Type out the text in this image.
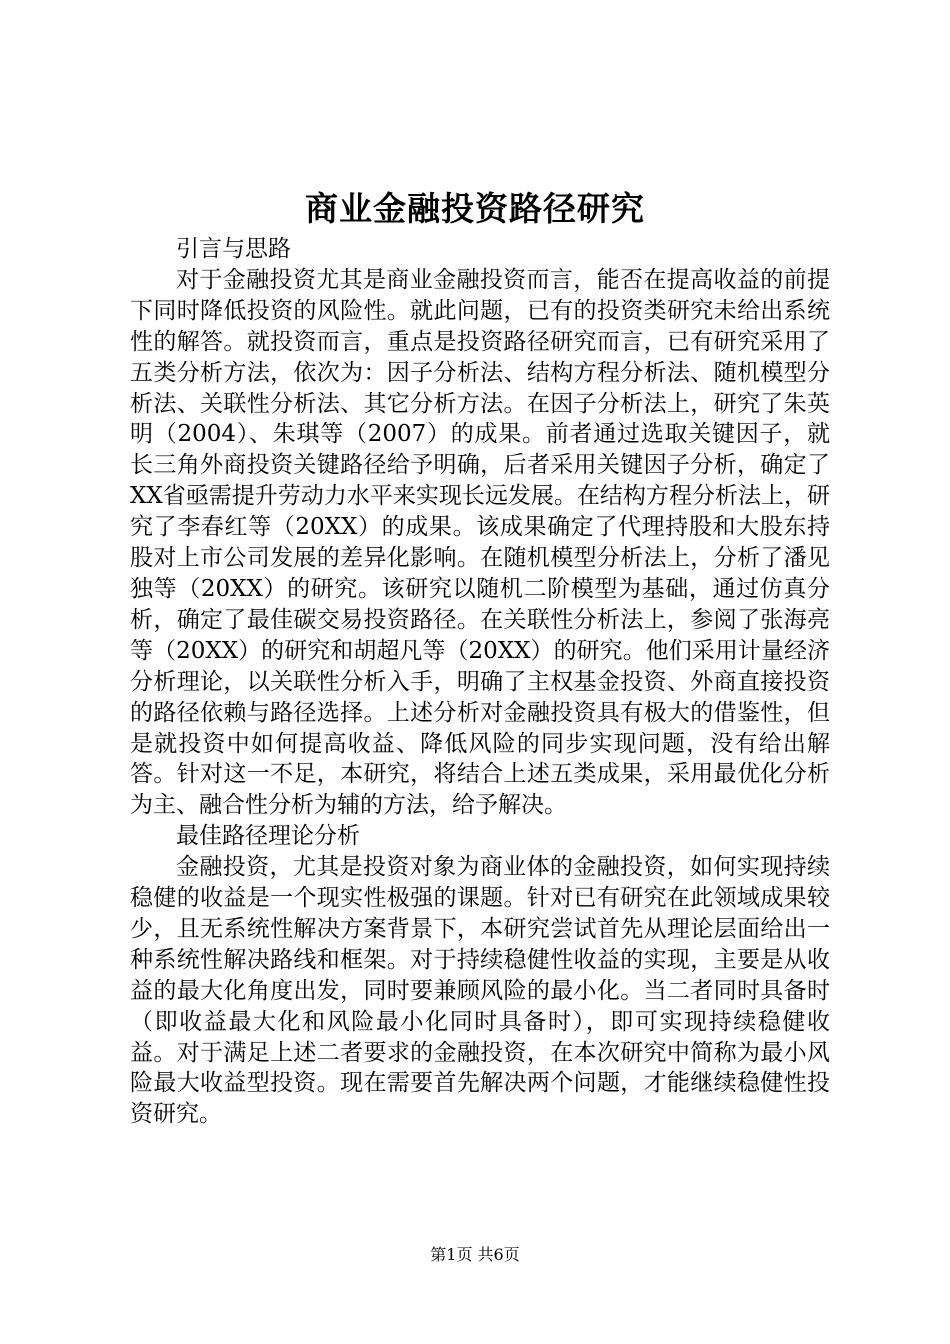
商业金融投资路径研究

引言与思路

对于金融投资尤其是商业金融投资而言，能否在提高收益的前提下同时降低投资的风险性。就此问题，已有的投资类研究未给出系统性的解答。就投资而言，重点是投资路径研究而言，已有研究采用了五类分析方法，依次为：因子分析法、结构方程分析法、随机模型分析法、关联性分析法、其它分析方法。在因子分析法上，研究了朱英明（2004）、朱琪等（2007）的成果。前者通过选取关键因子，就长三角外商投资关键路径给予明确，后者采用关键因子分析，确定了XX省亟需提升劳动力水平来实现长远发展。在结构方程分析法上，研究了李春红等（20XX）的成果。该成果确定了代理持股和大股东持股对上市公司发展的差异化影响。在随机模型分析法上，分析了潘见独等（20XX）的研究。该研究以随机二阶模型为基础，通过仿真分析，确定了最佳碳交易投资路径。在关联性分析法上，参阅了张海亮等（20XX）的研究和胡超凡等（20XX）的研究。他们采用计量经济分析理论，以关联性分析入手，明确了主权基金投资、外商直接投资的路径依赖与路径选择。上述分析对金融投资具有极大的借鉴性，但是就投资中如何提高收益、降低风险的同步实现问题，没有给出解答。针对这一不足，本研究，将结合上述五类成果，采用最优化分析为主、融合性分析为辅的方法，给予解决。

最佳路径理论分析

金融投资，尤其是投资对象为商业体的金融投资，如何实现持续稳健的收益是一个现实性极强的课题。针对已有研究在此领域成果较少，且无系统性解决方案背景下，本研究尝试首先从理论层面给出一种系统性解决路线和框架。对于持续稳健性收益的实现，主要是从收益的最大化角度出发，同时要兼顾风险的最小化。当二者同时具备时（即收益最大化和风险最小化同时具备时），即可实现持续稳健收益。对于满足上述二者要求的金融投资，在本次研究中简称为最小风险最大收益型投资。现在需要首先解决两个问题，才能继续稳健性投资研究。

第1页 共6页
